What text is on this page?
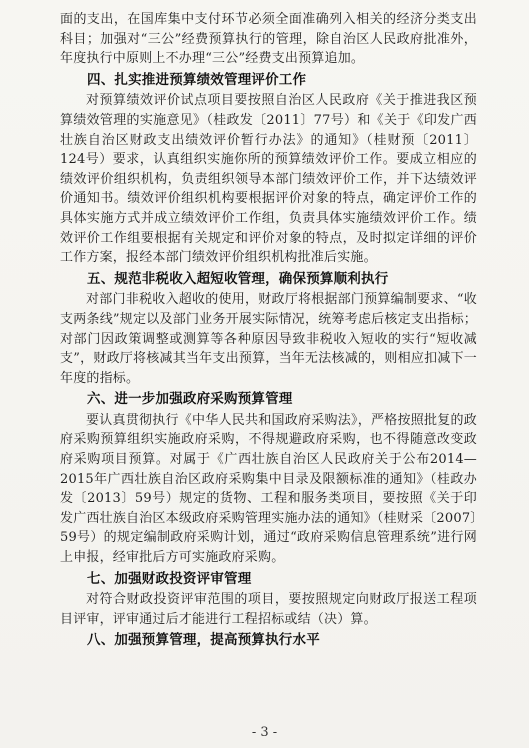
面的支出，在国库集中支付环节必须全面准确列入相关的经济分类支出科目；加强对“三公”经费预算执行的管理，除自治区人民政府批准外，年度执行中原则上不办理“三公”经费支出预算追加。

四、扎实推进预算绩效管理评价工作

对预算绩效评价试点项目要按照自治区人民政府《关于推进我区预算绩效管理的实施意见》（桂政发〔2011〕77号）和《关于《印发广西壮族自治区财政支出绩效评价暂行办法》的通知》（桂财预〔2011〕124号）要求，认真组织实施你所的预算绩效评价工作。要成立相应的绩效评价组织机构，负责组织领导本部门绩效评价工作，并下达绩效评价通知书。绩效评价组织机构要根据评价对象的特点，确定评价工作的具体实施方式并成立绩效评价工作组，负责具体实施绩效评价工作。绩效评价工作组要根据有关规定和评价对象的特点，及时拟定详细的评价工作方案，报经本部门绩效评价组织机构批准后实施。

五、规范非税收入超短收管理，确保预算顺利执行

对部门非税收入超收的使用，财政厅将根据部门预算编制要求、“收支两条线”规定以及部门业务开展实际情况，统筹考虑后核定支出指标；对部门因政策调整或测算等各种原因导致非税收入短收的实行“短收减支”，财政厅将核减其当年支出预算，当年无法核减的，则相应扣减下一年度的指标。

六、进一步加强政府采购预算管理

要认真贯彻执行《中华人民共和国政府采购法》，严格按照批复的政府采购预算组织实施政府采购，不得规避政府采购，也不得随意改变政府采购项目预算。对属于《广西壮族自治区人民政府关于公布2014—2015年广西壮族自治区政府采购集中目录及限额标准的通知》（桂政办发〔2013〕59号）规定的货物、工程和服务类项目，要按照《关于印发广西壮族自治区本级政府采购管理实施办法的通知》（桂财采〔2007〕59号）的规定编制政府采购计划，通过“政府采购信息管理系统”进行网上申报，经审批后方可实施政府采购。

七、加强财政投资评审管理

对符合财政投资评审范围的项目，要按照规定向财政厅报送工程项目评审，评审通过后才能进行工程招标或结（决）算。

八、加强预算管理，提高预算执行水平

- 3 -
